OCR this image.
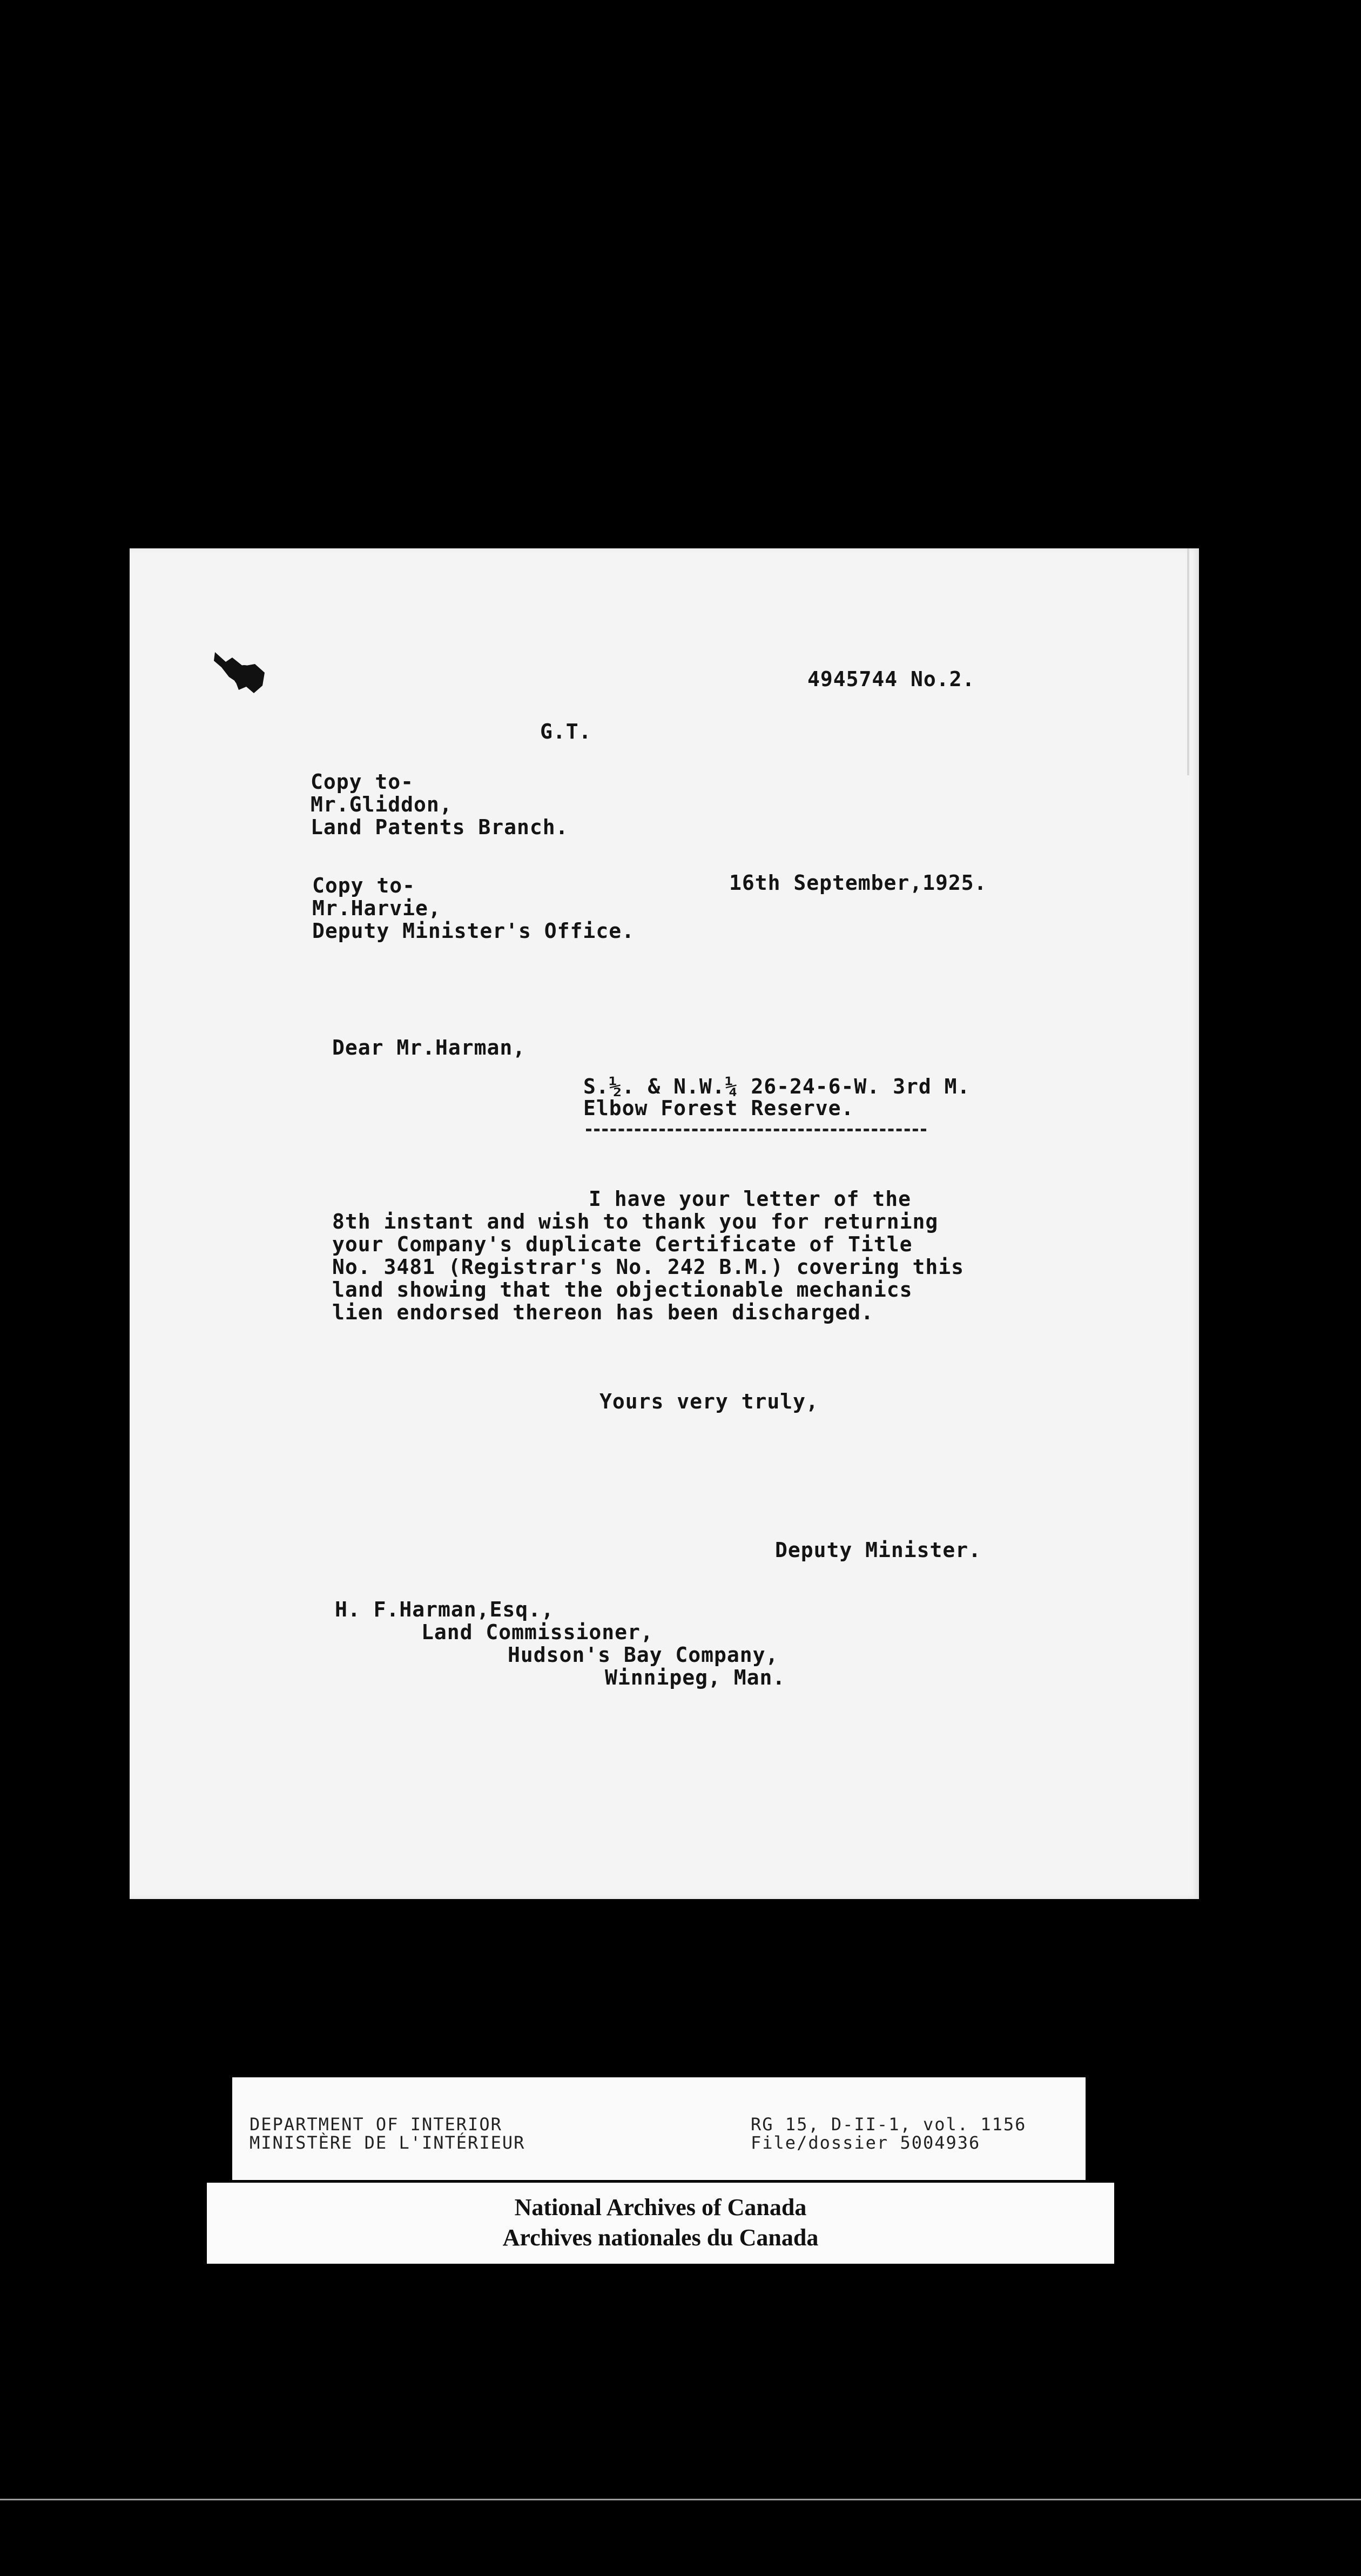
4945744 No.2.
G.T.
Copy to-
Mr.Gliddon,
Land Patents Branch.
Copy to-
Mr.Harvie,
Deputy Minister's Office.
16th September,1925.
Dear Mr.Harman,
S.½. & N.W.¼ 26-24-6-W. 3rd M.
Elbow Forest Reserve.
I have your letter of the
8th instant and wish to thank you for returning
your Company's duplicate Certificate of Title
No. 3481 (Registrar's No. 242 B.M.) covering this
land showing that the objectionable mechanics
lien endorsed thereon has been discharged.
Yours very truly,
Deputy Minister.
H. F.Harman,Esq.,
Land Commissioner,
Hudson's Bay Company,
Winnipeg, Man.
DEPARTMENT OF INTERIOR
MINISTÈRE DE L'INTÉRIEUR
RG 15, D-II-1, vol. 1156
File/dossier 5004936
National Archives of Canada
Archives nationales du Canada
